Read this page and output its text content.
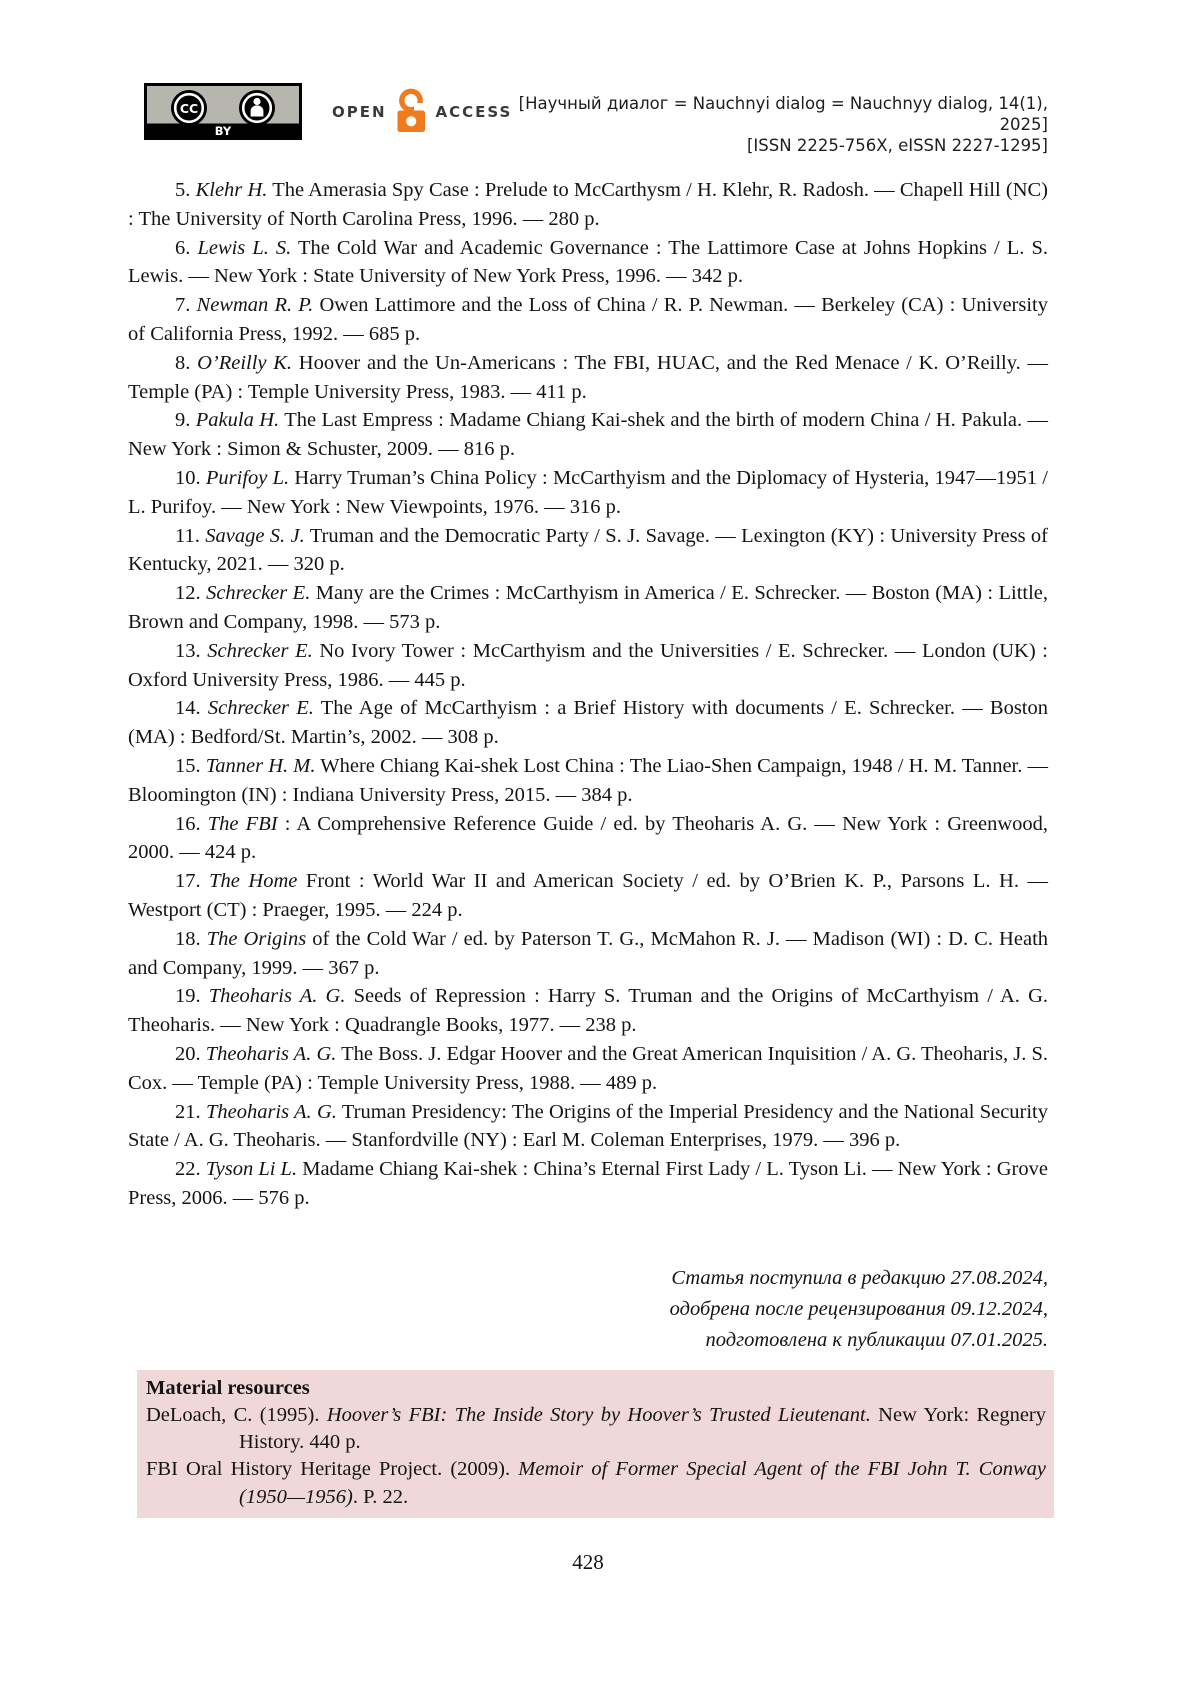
CC
BY
OPEN	ACCESS [Научный диалог = Nauchnyi dialog = Nauchnyy dialog, 14(1), 2025]
[ISSN 2225-756X, eISSN 2227-1295]

5. Klehr H. The Amerasia Spy Case : Prelude to McCarthysm / H. Klehr, R. Radosh. — Chapell Hill (NC) : The University of North Carolina Press, 1996. — 280 p.

6. Lewis L. S. The Cold War and Academic Governance : The Lattimore Case at Johns Hopkins / L. S. Lewis. — New York : State University of New York Press, 1996. — 342 p.

7. Newman R. P. Owen Lattimore and the Loss of China / R. P. Newman. — Berkeley (CA) : University of California Press, 1992. — 685 p.

8. O’Reilly K. Hoover and the Un-Americans : The FBI, HUAC, and the Red Menace / K. O’Reilly. — Temple (PA) : Temple University Press, 1983. — 411 p.

9. Pakula H. The Last Empress : Madame Chiang Kai-shek and the birth of modern China / H. Pakula. — New York : Simon & Schuster, 2009. — 816 p.

10. Purifoy L. Harry Truman’s China Policy : McCarthyism and the Diplomacy of Hysteria, 1947—1951 / L. Purifoy. — New York : New Viewpoints, 1976. — 316 p.

11. Savage S. J. Truman and the Democratic Party / S. J. Savage. — Lexington (KY) : University Press of Kentucky, 2021. — 320 p.

12. Schrecker E. Many are the Crimes : McCarthyism in America / E. Schrecker. — Boston (MA) : Little, Brown and Company, 1998. — 573 p.

13. Schrecker E. No Ivory Tower : McCarthyism and the Universities / E. Schrecker. — London (UK) : Oxford University Press, 1986. — 445 p.

14. Schrecker E. The Age of McCarthyism : a Brief History with documents / E. Schrecker. — Boston (MA) : Bedford/St. Martin’s, 2002. — 308 p.

15. Tanner H. M. Where Chiang Kai-shek Lost China : The Liao-Shen Campaign, 1948 / H. M. Tanner. — Bloomington (IN) : Indiana University Press, 2015. — 384 p.

16. The FBI : A Comprehensive Reference Guide / ed. by Theoharis A. G. — New York : Greenwood, 2000. — 424 p.

17. The Home Front : World War II and American Society / ed. by O’Brien K. P., Parsons L. H. — Westport (CT) : Praeger, 1995. — 224 p.

18. The Origins of the Cold War / ed. by Paterson T. G., McMahon R. J. — Madison (WI) : D. C. Heath and Company, 1999. — 367 p.

19. Theoharis A. G. Seeds of Repression : Harry S. Truman and the Origins of McCarthyism / A. G. Theoharis. — New York : Quadrangle Books, 1977. — 238 p.

20. Theoharis A. G. The Boss. J. Edgar Hoover and the Great American Inquisition / A. G. Theoharis, J. S. Cox. — Temple (PA) : Temple University Press, 1988. — 489 p.

21. Theoharis A. G. Truman Presidency: The Origins of the Imperial Presidency and the National Security State / A. G. Theoharis. — Stanfordville (NY) : Earl M. Coleman Enterprises, 1979. — 396 p.

22. Tyson Li L. Madame Chiang Kai-shek : China’s Eternal First Lady / L. Tyson Li. — New York : Grove Press, 2006. — 576 p.

Статья поступила в редакцию 27.08.2024,
одобрена после рецензирования 09.12.2024,
подготовлена к публикации 07.01.2025.

Material resources

DeLoach, C. (1995). Hoover’s FBI: The Inside Story by Hoover’s Trusted Lieutenant. New York: Regnery History. 440 p.

FBI Oral History Heritage Project. (2009). Memoir of Former Special Agent of the FBI John T. Conway (1950—1956). P. 22.

428
